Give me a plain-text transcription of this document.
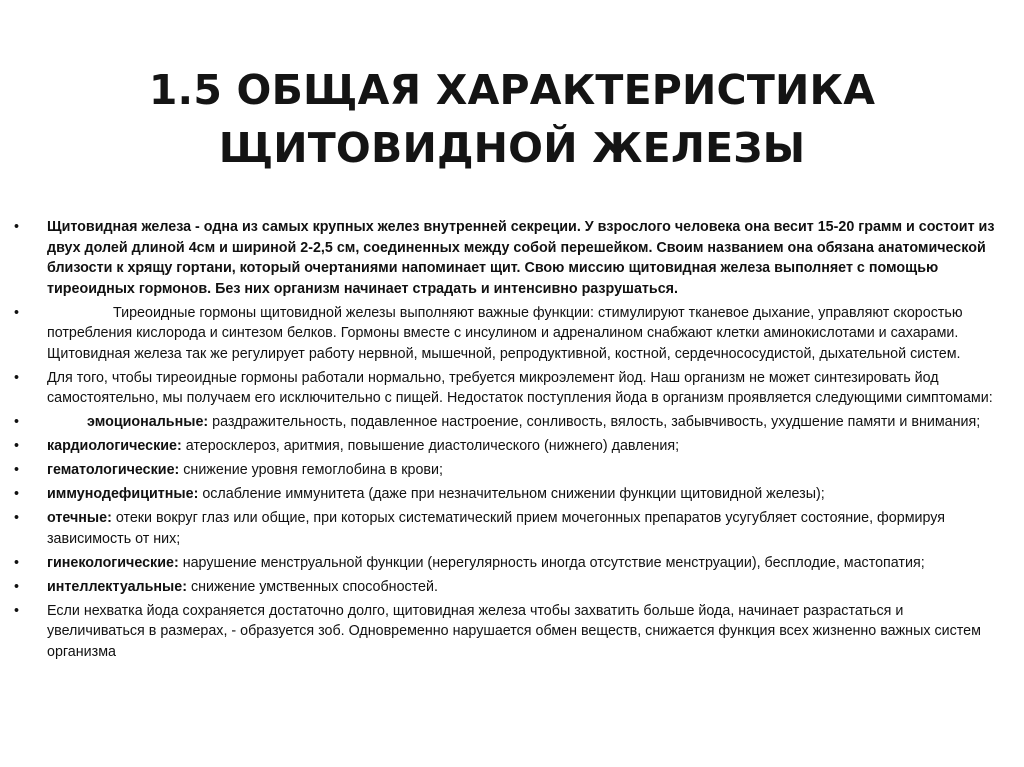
1.5 ОБЩАЯ ХАРАКТЕРИСТИКА
ЩИТОВИДНОЙ ЖЕЛЕЗЫ
•	Щитовидная железа - одна из самых крупных желез внутренней секреции. У взрослого человека она весит 15-20 грамм и состоит из двух долей длиной 4см и шириной 2-2,5 см, соединенных между собой перешейком. Своим названием она обязана анатомической близости к хрящу гортани, который очертаниями напоминает щит. Свою миссию щитовидная железа выполняет с помощью тиреоидных гормонов. Без них организм начинает страдать и интенсивно разрушаться.
•	Тиреоидные гормоны щитовидной железы выполняют важные функции: стимулируют тканевое дыхание, управляют скоростью потребления кислорода и синтезом белков. Гормоны вместе с инсулином и адреналином снабжают клетки аминокислотами и сахарами. Щитовидная железа так же регулирует работу нервной, мышечной, репродуктивной, костной, сердечнососудистой, дыхательной систем.
•	Для того, чтобы тиреоидные гормоны работали нормально, требуется микроэлемент йод. Наш организм не может синтезировать йод самостоятельно, мы получаем его исключительно с пищей. Недостаток поступления йода в организм проявляется следующими симптомами:
•	эмоциональные: раздражительность, подавленное настроение, сонливость, вялость, забывчивость, ухудшение памяти и внимания;
•	кардиологические: атеросклероз, аритмия, повышение диастолического (нижнего) давления;
•	гематологические: снижение уровня гемоглобина в крови;
•	иммунодефицитные: ослабление иммунитета (даже при незначительном снижении функции щитовидной железы);
•	отечные: отеки вокруг глаз или общие, при которых систематический прием мочегонных препаратов усугубляет состояние, формируя зависимость от них;
•	гинекологические: нарушение менструальной функции (нерегулярность иногда отсутствие менструации), бесплодие, мастопатия;
•	интеллектуальные: снижение умственных способностей.
•	Если нехватка йода сохраняется достаточно долго, щитовидная железа чтобы захватить больше йода, начинает разрастаться и увеличиваться в размерах, - образуется зоб. Одновременно нарушается обмен веществ, снижается функция всех жизненно важных систем организма
